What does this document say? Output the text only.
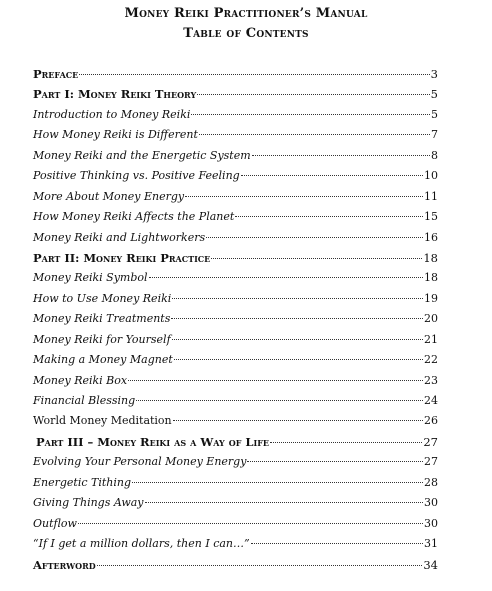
Money Reiki Practitioner’s Manual
Table of Contents
Preface	3
Part I: Money Reiki Theory	5
Introduction to Money Reiki	5
How Money Reiki is Different	7
Money Reiki and the Energetic System	8
Positive Thinking vs. Positive Feeling	10
More About Money Energy	11
How Money Reiki Affects the Planet	15
Money Reiki and Lightworkers	16
Part II: Money Reiki Practice	18
Money Reiki Symbol	18
How to Use Money Reiki	19
Money Reiki Treatments	20
Money Reiki for Yourself	21
Making a Money Magnet	22
Money Reiki Box	23
Financial Blessing	24
World Money Meditation	26
Part III – Money Reiki as a Way of Life	27
Evolving Your Personal Money Energy	27
Energetic Tithing	28
Giving Things Away	30
Outflow	30
“If I get a million dollars, then I can…”	31
Afterword	34
